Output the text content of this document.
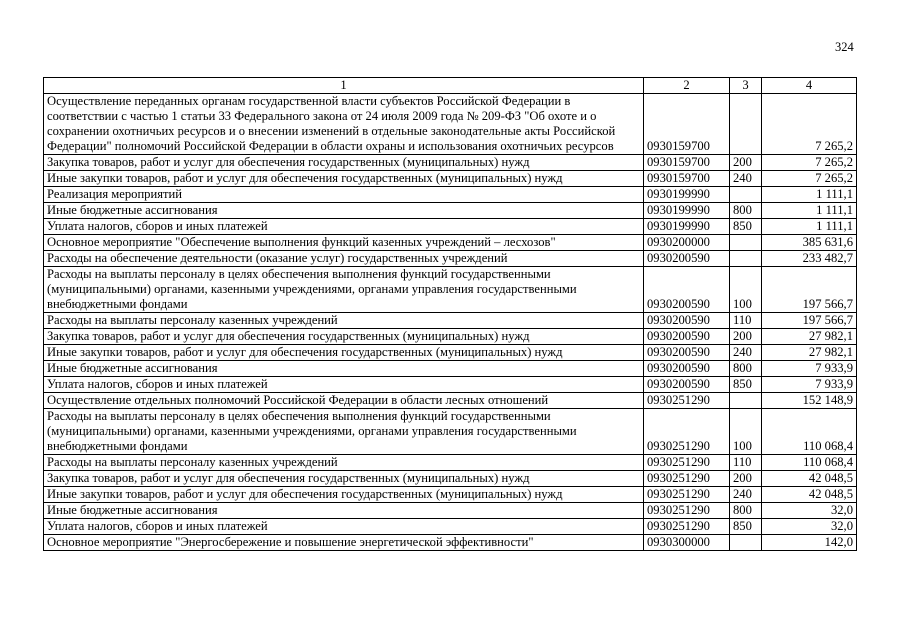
324
1	2	3	4
Осуществление переданных органам государственной власти субъектов Российской Федерации в соответствии с частью 1 статьи 33 Федерального закона от 24 июля 2009 года № 209-ФЗ "Об охоте и о сохранении охотничьих ресурсов и о внесении изменений в отдельные законодательные акты Российской Федерации" полномочий Российской Федерации в области охраны и использования охотничьих ресурсов	0930159700		7 265,2
Закупка товаров, работ и услуг для обеспечения государственных (муниципальных) нужд	0930159700	200	7 265,2
Иные закупки товаров, работ и услуг для обеспечения государственных (муниципальных) нужд	0930159700	240	7 265,2
Реализация мероприятий	0930199990		1 111,1
Иные бюджетные ассигнования	0930199990	800	1 111,1
Уплата налогов, сборов и иных платежей	0930199990	850	1 111,1
Основное мероприятие "Обеспечение выполнения функций казенных учреждений – лесхозов"	0930200000		385 631,6
Расходы на обеспечение деятельности (оказание услуг) государственных учреждений	0930200590		233 482,7
Расходы на выплаты персоналу в целях обеспечения выполнения функций государственными (муниципальными) органами, казенными учреждениями, органами управления государственными внебюджетными фондами	0930200590	100	197 566,7
Расходы на выплаты персоналу казенных учреждений	0930200590	110	197 566,7
Закупка товаров, работ и услуг для обеспечения государственных (муниципальных) нужд	0930200590	200	27 982,1
Иные закупки товаров, работ и услуг для обеспечения государственных (муниципальных) нужд	0930200590	240	27 982,1
Иные бюджетные ассигнования	0930200590	800	7 933,9
Уплата налогов, сборов и иных платежей	0930200590	850	7 933,9
Осуществление отдельных полномочий Российской Федерации в области лесных отношений	0930251290		152 148,9
Расходы на выплаты персоналу в целях обеспечения выполнения функций государственными (муниципальными) органами, казенными учреждениями, органами управления государственными внебюджетными фондами	0930251290	100	110 068,4
Расходы на выплаты персоналу казенных учреждений	0930251290	110	110 068,4
Закупка товаров, работ и услуг для обеспечения государственных (муниципальных) нужд	0930251290	200	42 048,5
Иные закупки товаров, работ и услуг для обеспечения государственных (муниципальных) нужд	0930251290	240	42 048,5
Иные бюджетные ассигнования	0930251290	800	32,0
Уплата налогов, сборов и иных платежей	0930251290	850	32,0
Основное мероприятие "Энергосбережение и повышение энергетической эффективности"	0930300000		142,0
